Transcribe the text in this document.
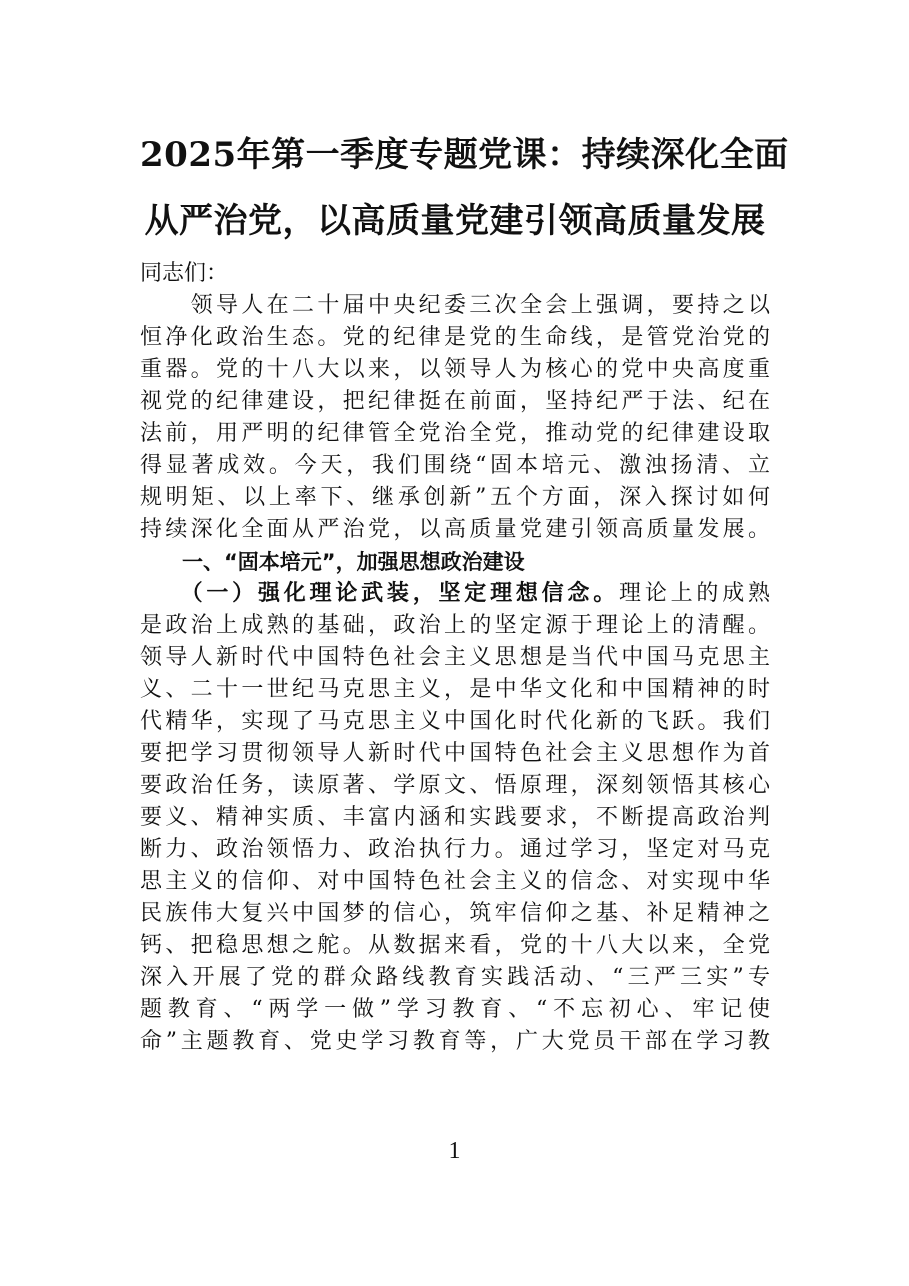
2025年第一季度专题党课：持续深化全面
从严治党，以高质量党建引领高质量发展
同志们：
　　领导人在二十届中央纪委三次全会上强调，要持之以
恒净化政治生态。党的纪律是党的生命线，是管党治党的
重器。党的十八大以来，以领导人为核心的党中央高度重
视党的纪律建设，把纪律挺在前面，坚持纪严于法、纪在
法前，用严明的纪律管全党治全党，推动党的纪律建设取
得显著成效。今天，我们围绕“固本培元、激浊扬清、立
规明矩、以上率下、继承创新”五个方面，深入探讨如何
持续深化全面从严治党，以高质量党建引领高质量发展。
　　一、“固本培元”，加强思想政治建设
　　（一）强化理论武装，坚定理想信念。理论上的成熟
是政治上成熟的基础，政治上的坚定源于理论上的清醒。
领导人新时代中国特色社会主义思想是当代中国马克思主
义、二十一世纪马克思主义，是中华文化和中国精神的时
代精华，实现了马克思主义中国化时代化新的飞跃。我们
要把学习贯彻领导人新时代中国特色社会主义思想作为首
要政治任务，读原著、学原文、悟原理，深刻领悟其核心
要义、精神实质、丰富内涵和实践要求，不断提高政治判
断力、政治领悟力、政治执行力。通过学习，坚定对马克
思主义的信仰、对中国特色社会主义的信念、对实现中华
民族伟大复兴中国梦的信心，筑牢信仰之基、补足精神之
钙、把稳思想之舵。从数据来看，党的十八大以来，全党
深入开展了党的群众路线教育实践活动、“三严三实”专
题教育、“两学一做”学习教育、“不忘初心、牢记使
命”主题教育、党史学习教育等，广大党员干部在学习教
1
